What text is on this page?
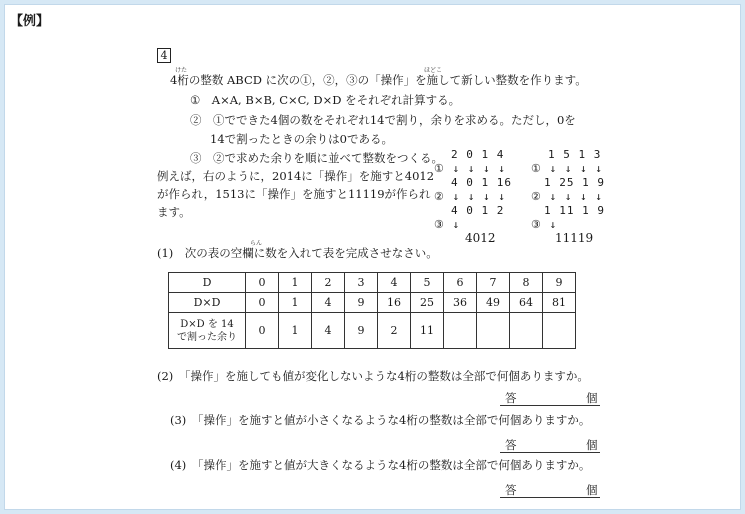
【例】
4
けた	ほどこ
4桁の整数 ABCD に次の①，②，③の「操作」を施して新しい整数を作ります。
①　A×A, B×B, C×C, D×D をそれぞれ計算する。
②　①でできた4個の数をそれぞれ14で割り，余りを求める。ただし，0を
14で割ったときの余りは0である。
③　②で求めた余りを順に並べて整数をつくる。
例えば，右のように，2014に「操作」を施すと4012
が作られ，1513に「操作」を施すと11119が作られ
ます。
2 0 1 4
① ↓ ↓ ↓ ↓
4 0 1 16
② ↓ ↓ ↓ ↓
4 0 1 2
③ ↓
4012
1 5 1 3
① ↓ ↓ ↓ ↓
1 25 1 9
② ↓ ↓ ↓ ↓
1 11 1 9
③ ↓
11119
らん
(1)　次の表の空欄に数を入れて表を完成させなさい。
D	0	1	2	3	4	5	6	7	8	9
D×D	0	1	4	9	16	25	36	49	64	81

D×D を 14
で割った余り	0	1	4	9	2	11				
(2)　「操作」を施しても値が変化しないような4桁の整数は全部で何個ありますか。
答	個
(3)　「操作」を施すと値が小さくなるような4桁の整数は全部で何個ありますか。
答	個
(4)　「操作」を施すと値が大きくなるような4桁の整数は全部で何個ありますか。
答	個
